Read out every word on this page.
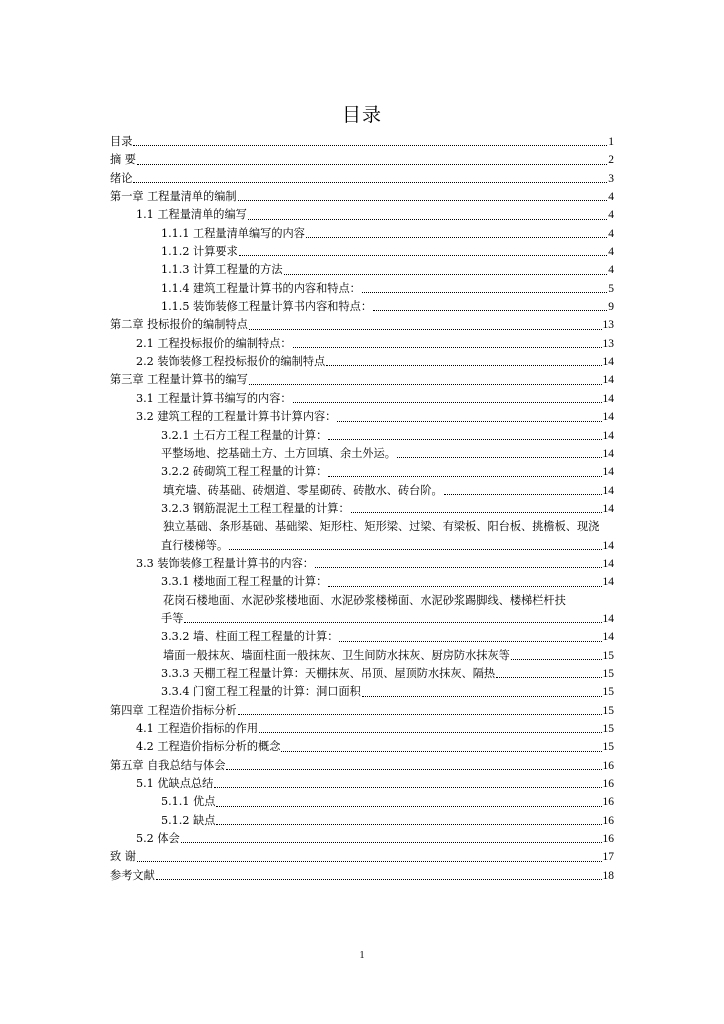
目录
目录	1
摘 要	2
绪论	3
第一章 工程量清单的编制	4
1.1 工程量清单的编写	4
1.1.1 工程量清单编写的内容	4
1.1.2 计算要求	4
1.1.3 计算工程量的方法	4
1.1.4 建筑工程量计算书的内容和特点：	5
1.1.5 装饰装修工程量计算书内容和特点：	9
第二章 投标报价的编制特点	13
2.1 工程投标报价的编制特点：	13
2.2 装饰装修工程投标报价的编制特点	14
第三章 工程量计算书的编写	14
3.1 工程量计算书编写的内容：	14
3.2 建筑工程的工程量计算书计算内容：	14
3.2.1 土石方工程工程量的计算：	14
平整场地、挖基础土方、土方回填、余土外运。	14
3.2.2 砖砌筑工程工程量的计算：	14
填充墙、砖基础、砖烟道、零星砌砖、砖散水、砖台阶。	14
3.2.3 钢筋混泥土工程工程量的计算：	14
独立基础、条形基础、基础梁、矩形柱、矩形梁、过梁、有梁板、阳台板、挑檐板、现浇
直行楼梯等。	14
3.3 装饰装修工程量计算书的内容：	14
3.3.1 楼地面工程工程量的计算：	14
花岗石楼地面、水泥砂浆楼地面、水泥砂浆楼梯面、水泥砂浆踢脚线、楼梯栏杆扶
手等	14
3.3.2 墙、柱面工程工程量的计算：	14
墙面一般抹灰、墙面柱面一般抹灰、卫生间防水抹灰、厨房防水抹灰等	15
3.3.3 天棚工程工程量计算：天棚抹灰、吊顶、屋顶防水抹灰、隔热	15
3.3.4 门窗工程工程量的计算：洞口面积	15
第四章 工程造价指标分析	15
4.1 工程造价指标的作用	15
4.2 工程造价指标分析的概念	15
第五章 自我总结与体会	16
5.1 优缺点总结	16
5.1.1 优点	16
5.1.2 缺点	16
5.2 体会	16
致 谢	17
参考文献	18
1
